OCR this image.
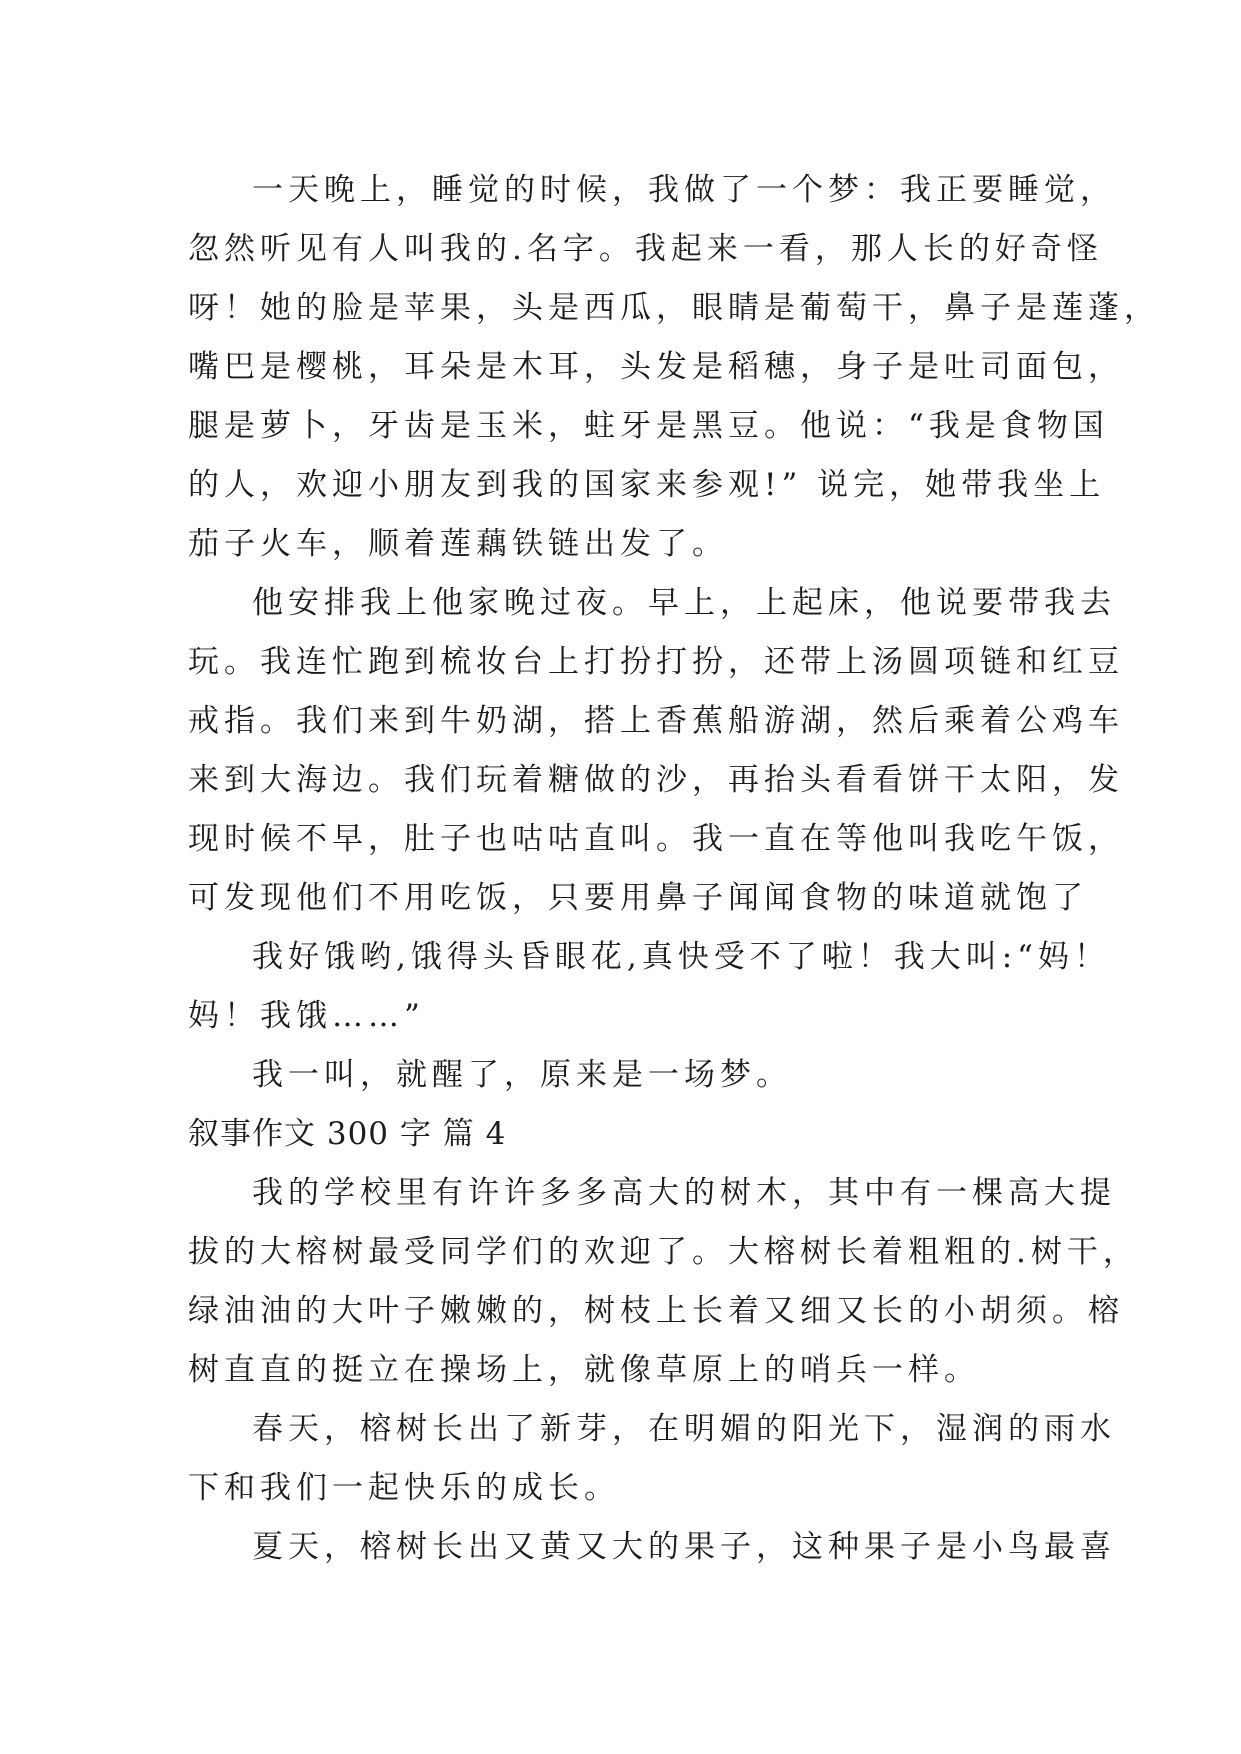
一天晚上，睡觉的时候，我做了一个梦：我正要睡觉，
忽然听见有人叫我的.名字。我起来一看，那人长的好奇怪
呀！她的脸是苹果，头是西瓜，眼睛是葡萄干，鼻子是莲蓬，
嘴巴是樱桃，耳朵是木耳，头发是稻穗，身子是吐司面包，
腿是萝卜，牙齿是玉米，蛀牙是黑豆。他说：“我是食物国
的人，欢迎小朋友到我的国家来参观!” 说完，她带我坐上
茄子火车，顺着莲藕铁链出发了。
他安排我上他家晚过夜。早上，上起床，他说要带我去
玩。我连忙跑到梳妆台上打扮打扮，还带上汤圆项链和红豆
戒指。我们来到牛奶湖，搭上香蕉船游湖，然后乘着公鸡车
来到大海边。我们玩着糖做的沙，再抬头看看饼干太阳，发
现时候不早，肚子也咕咕直叫。我一直在等他叫我吃午饭，
可发现他们不用吃饭，只要用鼻子闻闻食物的味道就饱了
我好饿哟,饿得头昏眼花,真快受不了啦！我大叫:“妈！
妈！我饿……”
我一叫，就醒了，原来是一场梦。
叙事作文 300 字 篇 4
我的学校里有许许多多高大的树木，其中有一棵高大提
拔的大榕树最受同学们的欢迎了。大榕树长着粗粗的.树干，
绿油油的大叶子嫩嫩的，树枝上长着又细又长的小胡须。榕
树直直的挺立在操场上，就像草原上的哨兵一样。
春天，榕树长出了新芽，在明媚的阳光下，湿润的雨水
下和我们一起快乐的成长。
夏天，榕树长出又黄又大的果子，这种果子是小鸟最喜
